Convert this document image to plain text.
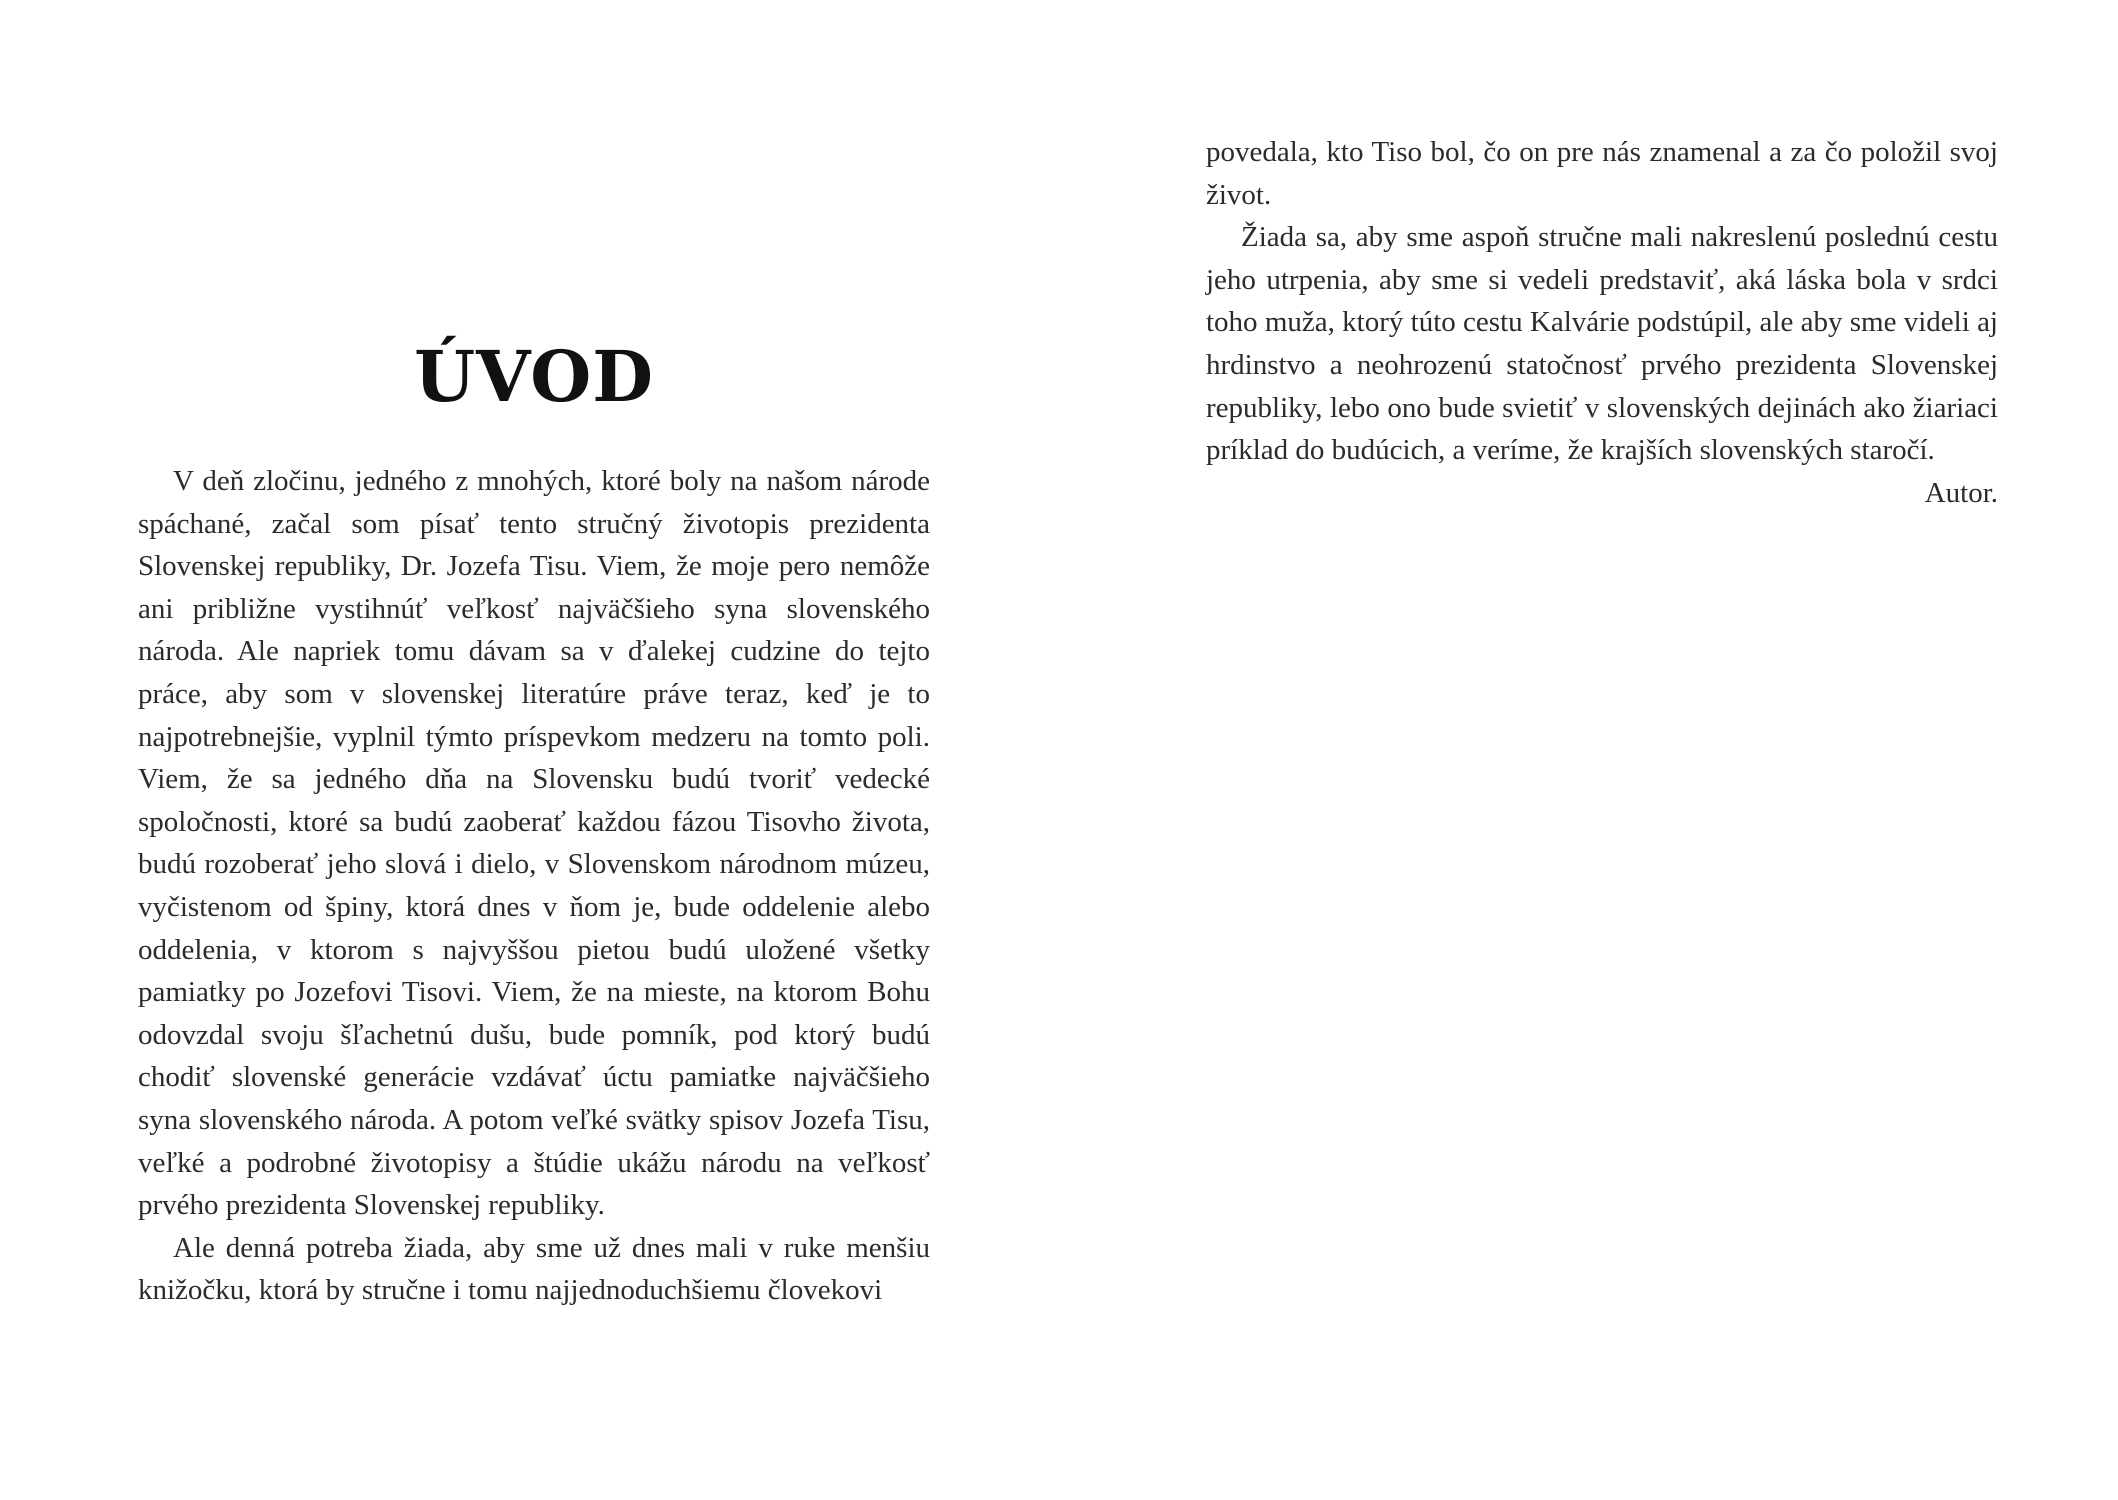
ÚVOD

V deň zločinu, jedného z mnohých, ktoré boly na našom národe spáchané, začal som písať tento stručný životopis prezidenta Slovenskej republiky, Dr. Jozefa Tisu. Viem, že moje pero nemôže ani približne vystihnúť veľkosť najväčšieho syna slovenského národa. Ale napriek tomu dávam sa v ďalekej cudzine do tejto práce, aby som v slovenskej literatúre práve teraz, keď je to najpotrebnejšie, vyplnil týmto príspevkom medzeru na tomto poli. Viem, že sa jedného dňa na Slovensku budú tvoriť vedecké spoločnosti, ktoré sa budú zaoberať každou fázou Tisovho života, budú rozoberať jeho slová i dielo, v Slovenskom národnom múzeu, vyčistenom od špiny, ktorá dnes v ňom je, bude oddelenie alebo oddelenia, v ktorom s najvyššou pietou budú uložené všetky pamiatky po Jozefovi Tisovi. Viem, že na mieste, na ktorom Bohu odovzdal svoju šľachetnú dušu, bude pomník, pod ktorý budú chodiť slovenské generácie vzdávať úctu pamiatke najväčšieho syna slovenského národa. A potom veľké svätky spisov Jozefa Tisu, veľké a podrobné životopisy a štúdie ukážu národu na veľkosť prvého prezidenta Slovenskej republiky.

Ale denná potreba žiada, aby sme už dnes mali v ruke menšiu knižočku, ktorá by stručne i tomu najjednoduchšiemu človekovi

povedala, kto Tiso bol, čo on pre nás znamenal a za čo položil svoj život.

Žiada sa, aby sme aspoň stručne mali nakreslenú poslednú cestu jeho utrpenia, aby sme si vedeli predstaviť, aká láska bola v srdci toho muža, ktorý túto cestu Kalvárie podstúpil, ale aby sme videli aj hrdinstvo a neohrozenú statočnosť prvého prezidenta Slovenskej republiky, lebo ono bude svietiť v slovenských dejinách ako žiariaci príklad do budúcich, a veríme, že krajších slovenských staročí.

Autor.
